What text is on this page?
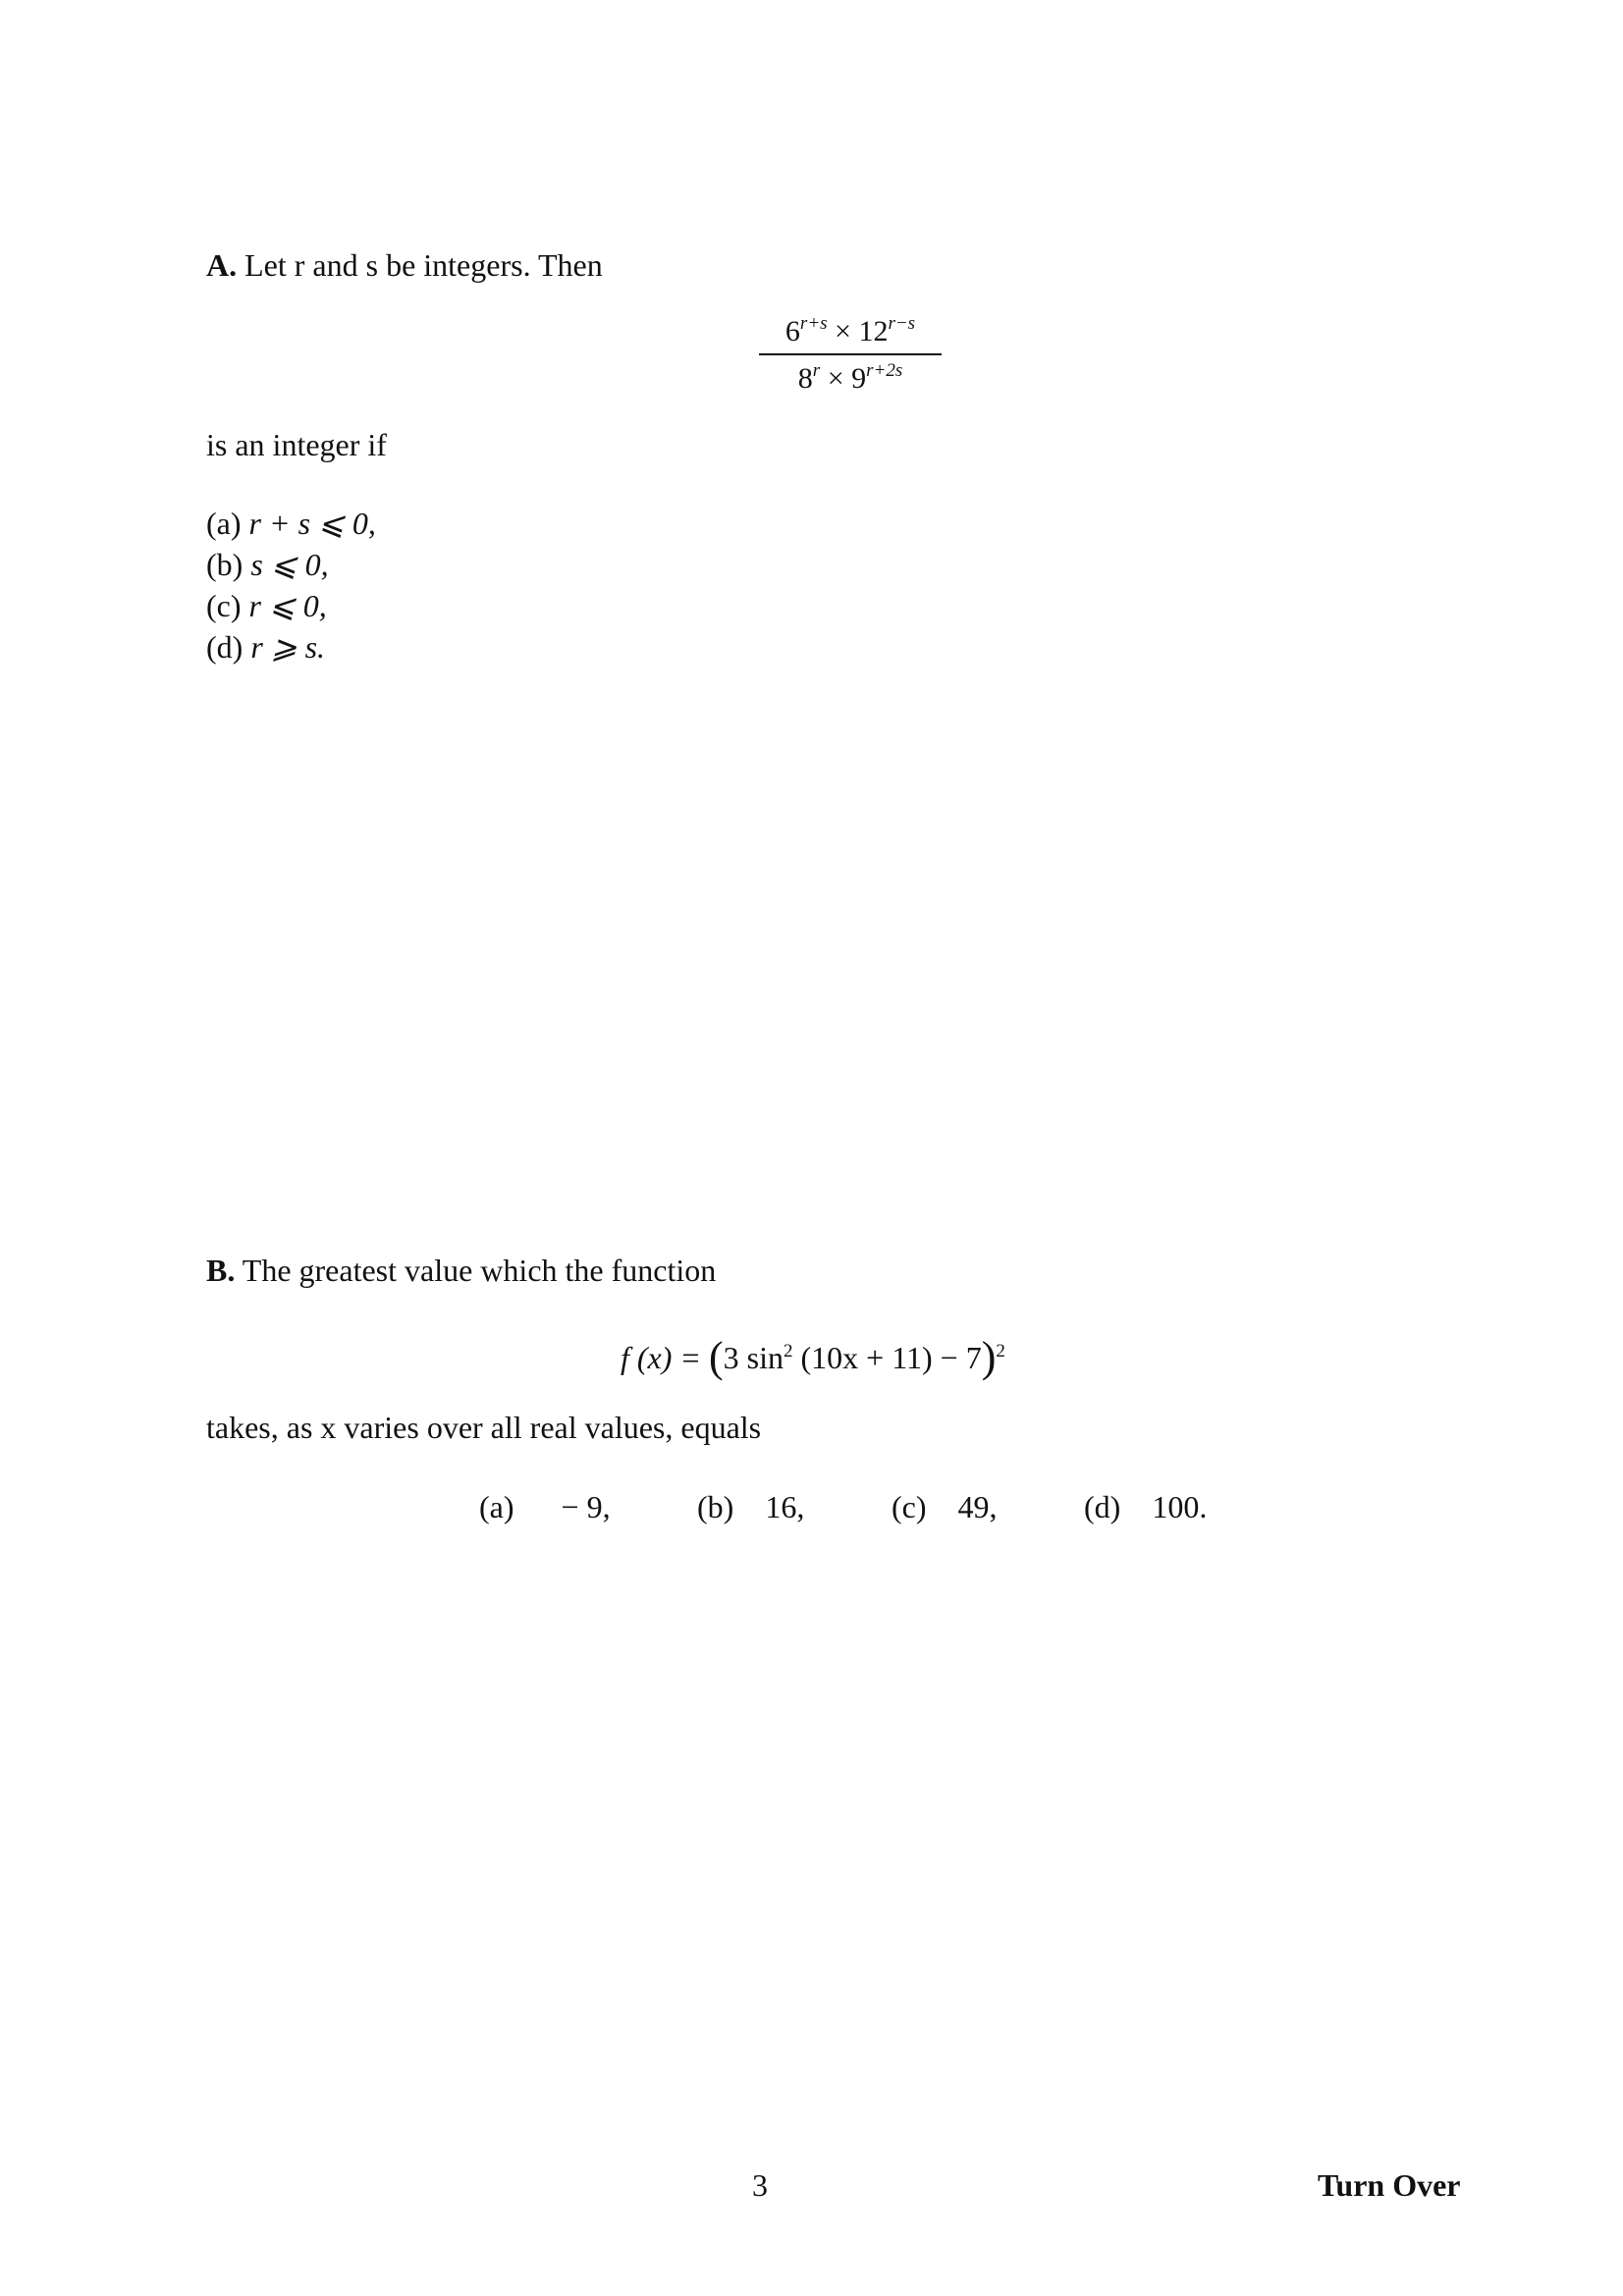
A. Let r and s be integers. Then
$6^{r+s} \times 12^{r-s}$
$8^r \times 9^{r+2s}$
is an integer if
(a) r + s ⩽ 0,
(b) s ⩽ 0,
(c) r ⩽ 0,
(d) r ⩾ s.
B. The greatest value which the function
f (x) = (3 $\sin^2 (10x + 11) - 7)^2$
takes, as x varies over all real values, equals
(a) − 9,	(b) 16,	(c) 49,	(d) 100.
3	Turn Over
